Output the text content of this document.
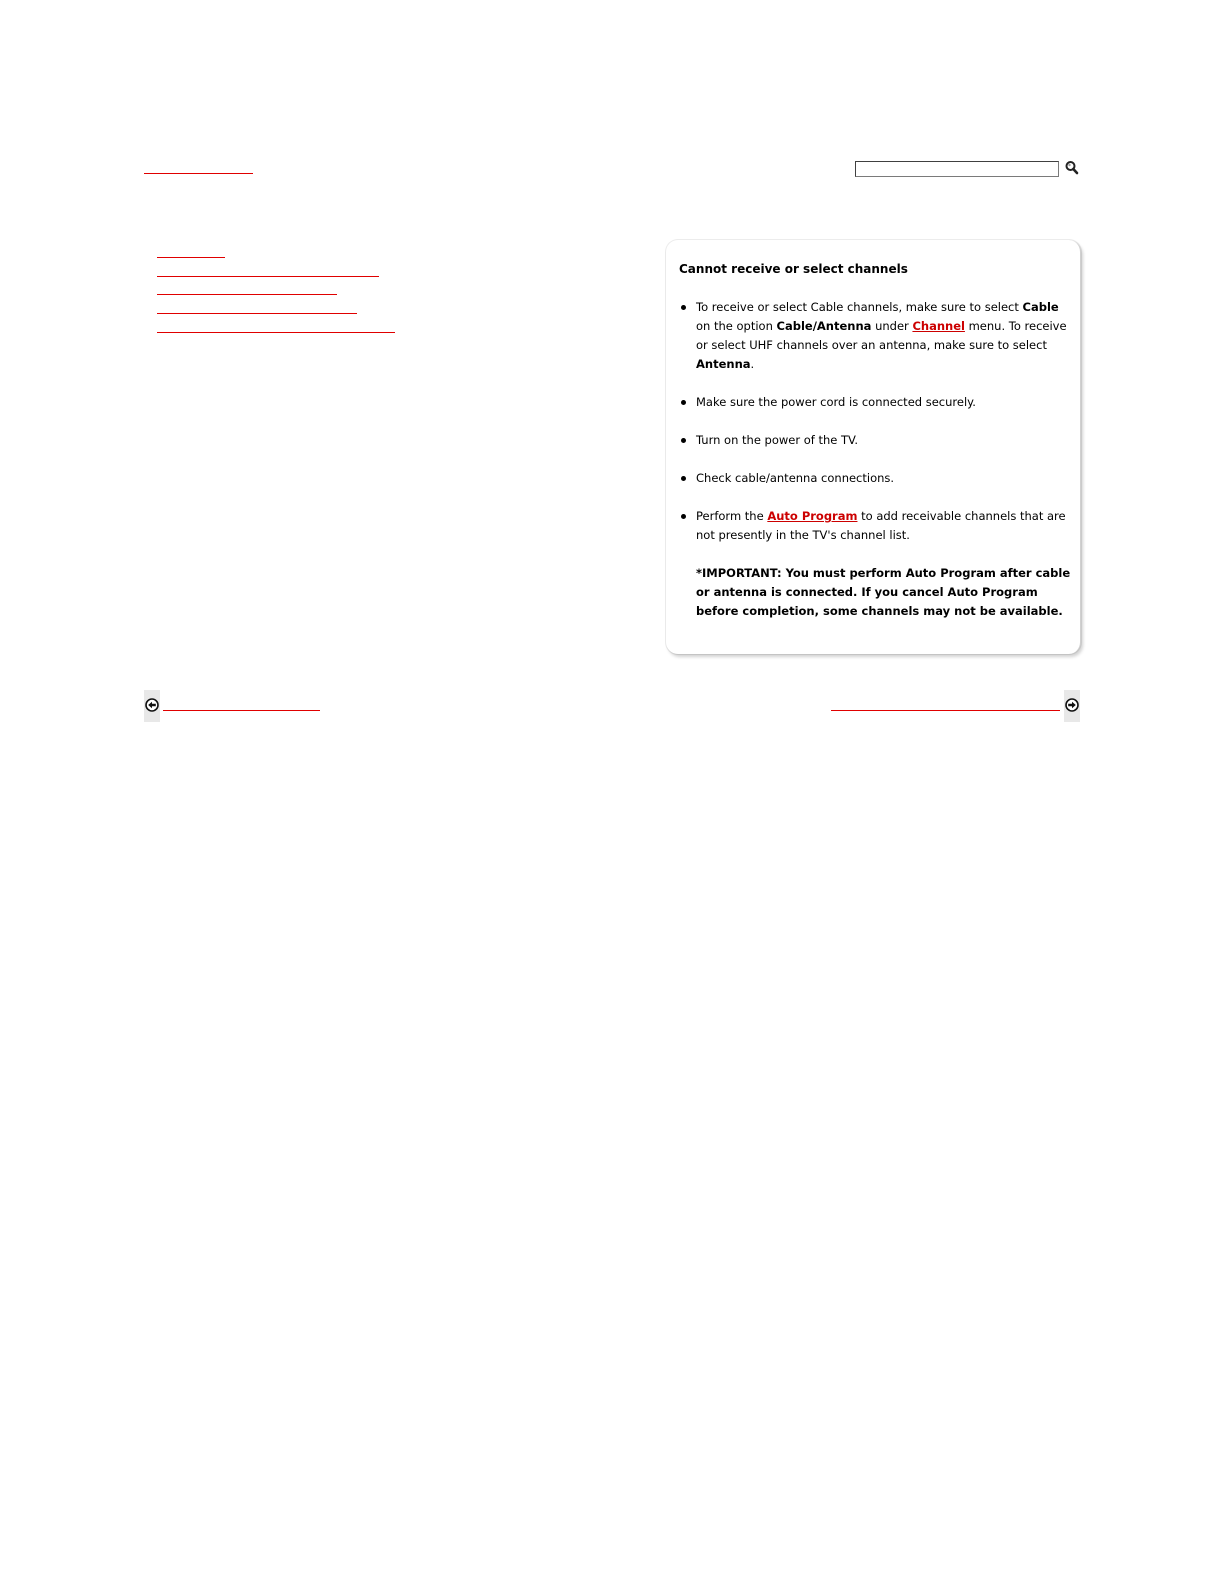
Cannot receive or select channels
To receive or select Cable channels, make sure to select Cable on the option Cable/Antenna under Channel menu. To receive or select UHF channels over an antenna, make sure to select Antenna.
Make sure the power cord is connected securely.
Turn on the power of the TV.
Check cable/antenna connections.
Perform the Auto Program to add receivable channels that are not presently in the TV's channel list.
*IMPORTANT: You must perform Auto Program after cable or antenna is connected. If you cancel Auto Program before completion, some channels may not be available.
